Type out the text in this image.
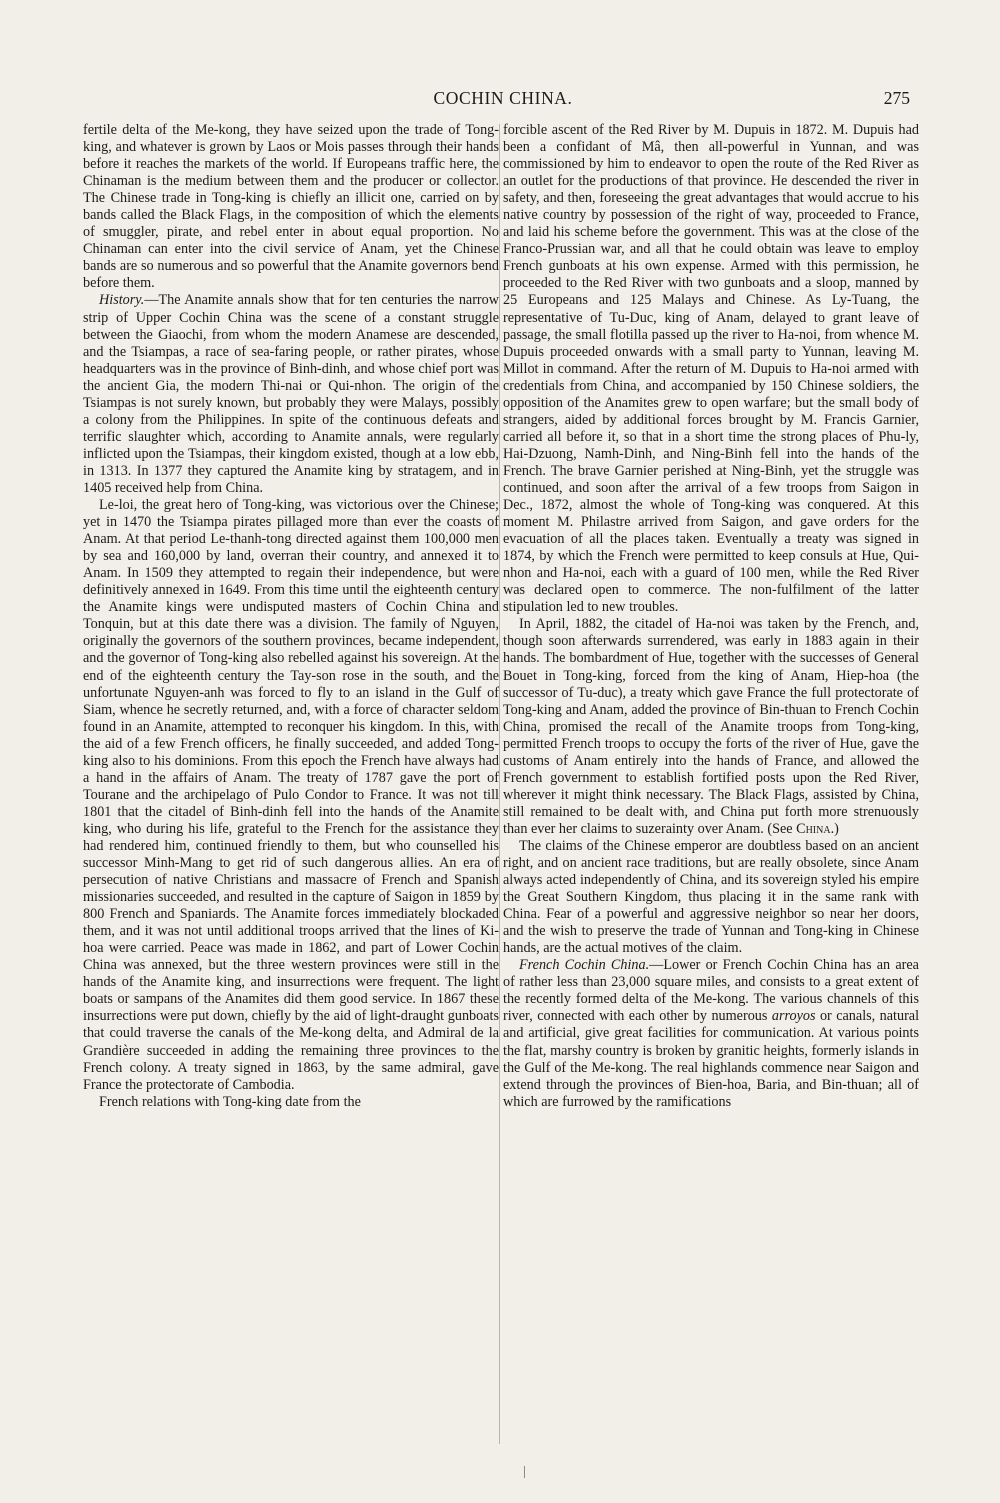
COCHIN CHINA.	275

fertile delta of the Me-kong, they have seized upon the trade of Tong-king, and whatever is grown by Laos or Mois passes through their hands before it reaches the markets of the world. If Europeans traffic here, the Chinaman is the medium between them and the producer or collector. The Chinese trade in Tong-king is chiefly an illicit one, carried on by bands called the Black Flags, in the composition of which the elements of smuggler, pirate, and rebel enter in about equal proportion. No Chinaman can enter into the civil service of Anam, yet the Chinese bands are so numerous and so powerful that the Anamite governors bend before them.

History.—The Anamite annals show that for ten centuries the narrow strip of Upper Cochin China was the scene of a constant struggle between the Giaochi, from whom the modern Anamese are descended, and the Tsiampas, a race of sea-faring people, or rather pirates, whose headquarters was in the province of Binh-dinh, and whose chief port was the ancient Gia, the modern Thi-nai or Qui-nhon. The origin of the Tsiampas is not surely known, but probably they were Malays, possibly a colony from the Philippines. In spite of the continuous defeats and terrific slaughter which, according to Anamite annals, were regularly inflicted upon the Tsiampas, their kingdom existed, though at a low ebb, in 1313. In 1377 they captured the Anamite king by stratagem, and in 1405 received help from China.

Le-loi, the great hero of Tong-king, was victorious over the Chinese; yet in 1470 the Tsiampa pirates pillaged more than ever the coasts of Anam. At that period Le-thanh-tong directed against them 100,000 men by sea and 160,000 by land, overran their country, and annexed it to Anam. In 1509 they attempted to regain their independence, but were definitively annexed in 1649. From this time until the eighteenth century the Anamite kings were undisputed masters of Cochin China and Tonquin, but at this date there was a division. The family of Nguyen, originally the governors of the southern provinces, became independent, and the governor of Tong-king also rebelled against his sovereign. At the end of the eighteenth century the Tay-son rose in the south, and the unfortunate Nguyen-anh was forced to fly to an island in the Gulf of Siam, whence he secretly returned, and, with a force of character seldom found in an Anamite, attempted to reconquer his kingdom. In this, with the aid of a few French officers, he finally succeeded, and added Tong-king also to his dominions. From this epoch the French have always had a hand in the affairs of Anam. The treaty of 1787 gave the port of Tourane and the archipelago of Pulo Condor to France. It was not till 1801 that the citadel of Binh-dinh fell into the hands of the Anamite king, who during his life, grateful to the French for the assistance they had rendered him, continued friendly to them, but who counselled his successor Minh-Mang to get rid of such dangerous allies. An era of persecution of native Christians and massacre of French and Spanish missionaries succeeded, and resulted in the capture of Saigon in 1859 by 800 French and Spaniards. The Anamite forces immediately blockaded them, and it was not until additional troops arrived that the lines of Ki-hoa were carried. Peace was made in 1862, and part of Lower Cochin China was annexed, but the three western provinces were still in the hands of the Anamite king, and insurrections were frequent. The light boats or sampans of the Anamites did them good service. In 1867 these insurrections were put down, chiefly by the aid of light-draught gunboats that could traverse the canals of the Me-kong delta, and Admiral de la Grandière succeeded in adding the remaining three provinces to the French colony. A treaty signed in 1863, by the same admiral, gave France the protectorate of Cambodia.

French relations with Tong-king date from the

forcible ascent of the Red River by M. Dupuis in 1872. M. Dupuis had been a confidant of Mâ, then all-powerful in Yunnan, and was commissioned by him to endeavor to open the route of the Red River as an outlet for the productions of that province. He descended the river in safety, and then, foreseeing the great advantages that would accrue to his native country by possession of the right of way, proceeded to France, and laid his scheme before the government. This was at the close of the Franco-Prussian war, and all that he could obtain was leave to employ French gunboats at his own expense. Armed with this permission, he proceeded to the Red River with two gunboats and a sloop, manned by 25 Europeans and 125 Malays and Chinese. As Ly-Tuang, the representative of Tu-Duc, king of Anam, delayed to grant leave of passage, the small flotilla passed up the river to Ha-noi, from whence M. Dupuis proceeded onwards with a small party to Yunnan, leaving M. Millot in command. After the return of M. Dupuis to Ha-noi armed with credentials from China, and accompanied by 150 Chinese soldiers, the opposition of the Anamites grew to open warfare; but the small body of strangers, aided by additional forces brought by M. Francis Garnier, carried all before it, so that in a short time the strong places of Phu-ly, Hai-Dzuong, Namh-Dinh, and Ning-Binh fell into the hands of the French. The brave Garnier perished at Ning-Binh, yet the struggle was continued, and soon after the arrival of a few troops from Saigon in Dec., 1872, almost the whole of Tong-king was conquered. At this moment M. Philastre arrived from Saigon, and gave orders for the evacuation of all the places taken. Eventually a treaty was signed in 1874, by which the French were permitted to keep consuls at Hue, Qui-nhon and Ha-noi, each with a guard of 100 men, while the Red River was declared open to commerce. The non-fulfilment of the latter stipulation led to new troubles.

In April, 1882, the citadel of Ha-noi was taken by the French, and, though soon afterwards surrendered, was early in 1883 again in their hands. The bombardment of Hue, together with the successes of General Bouet in Tong-king, forced from the king of Anam, Hiep-hoa (the successor of Tu-duc), a treaty which gave France the full protectorate of Tong-king and Anam, added the province of Bin-thuan to French Cochin China, promised the recall of the Anamite troops from Tong-king, permitted French troops to occupy the forts of the river of Hue, gave the customs of Anam entirely into the hands of France, and allowed the French government to establish fortified posts upon the Red River, wherever it might think necessary. The Black Flags, assisted by China, still remained to be dealt with, and China put forth more strenuously than ever her claims to suzerainty over Anam. (See China.)

The claims of the Chinese emperor are doubtless based on an ancient right, and on ancient race traditions, but are really obsolete, since Anam always acted independently of China, and its sovereign styled his empire the Great Southern Kingdom, thus placing it in the same rank with China. Fear of a powerful and aggressive neighbor so near her doors, and the wish to preserve the trade of Yunnan and Tong-king in Chinese hands, are the actual motives of the claim.

French Cochin China.—Lower or French Cochin China has an area of rather less than 23,000 square miles, and consists to a great extent of the recently formed delta of the Me-kong. The various channels of this river, connected with each other by numerous arroyos or canals, natural and artificial, give great facilities for communication. At various points the flat, marshy country is broken by granitic heights, formerly islands in the Gulf of the Me-kong. The real highlands commence near Saigon and extend through the provinces of Bien-hoa, Baria, and Bin-thuan; all of which are furrowed by the ramifications
